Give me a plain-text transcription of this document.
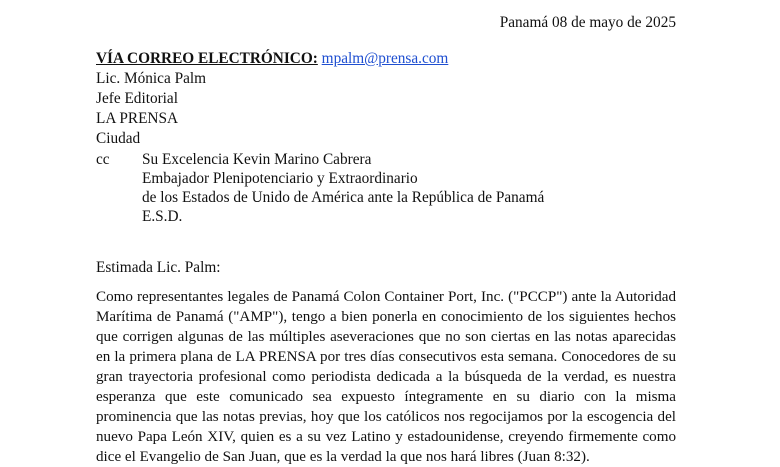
Panamá 08 de mayo de 2025
VÍA CORREO ELECTRÓNICO: mpalm@prensa.com
Lic. Mónica Palm
Jefe Editorial
LA PRENSA
Ciudad
cc Su Excelencia Kevin Marino Cabrera
Embajador Plenipotenciario y Extraordinario
de los Estados de Unido de América ante la República de Panamá
E.S.D.
Estimada Lic. Palm:
Como representantes legales de Panamá Colon Container Port, Inc. ("PCCP") ante la Autoridad Marítima de Panamá ("AMP"), tengo a bien ponerla en conocimiento de los siguientes hechos que corrigen algunas de las múltiples aseveraciones que no son ciertas en las notas aparecidas en la primera plana de LA PRENSA por tres días consecutivos esta semana. Conocedores de su gran trayectoria profesional como periodista dedicada a la búsqueda de la verdad, es nuestra esperanza que este comunicado sea expuesto íntegramente en su diario con la misma prominencia que las notas previas, hoy que los católicos nos regocijamos por la escogencia del nuevo Papa León XIV, quien es a su vez Latino y estadounidense, creyendo firmemente como dice el Evangelio de San Juan, que es la verdad la que nos hará libres (Juan 8:32).
